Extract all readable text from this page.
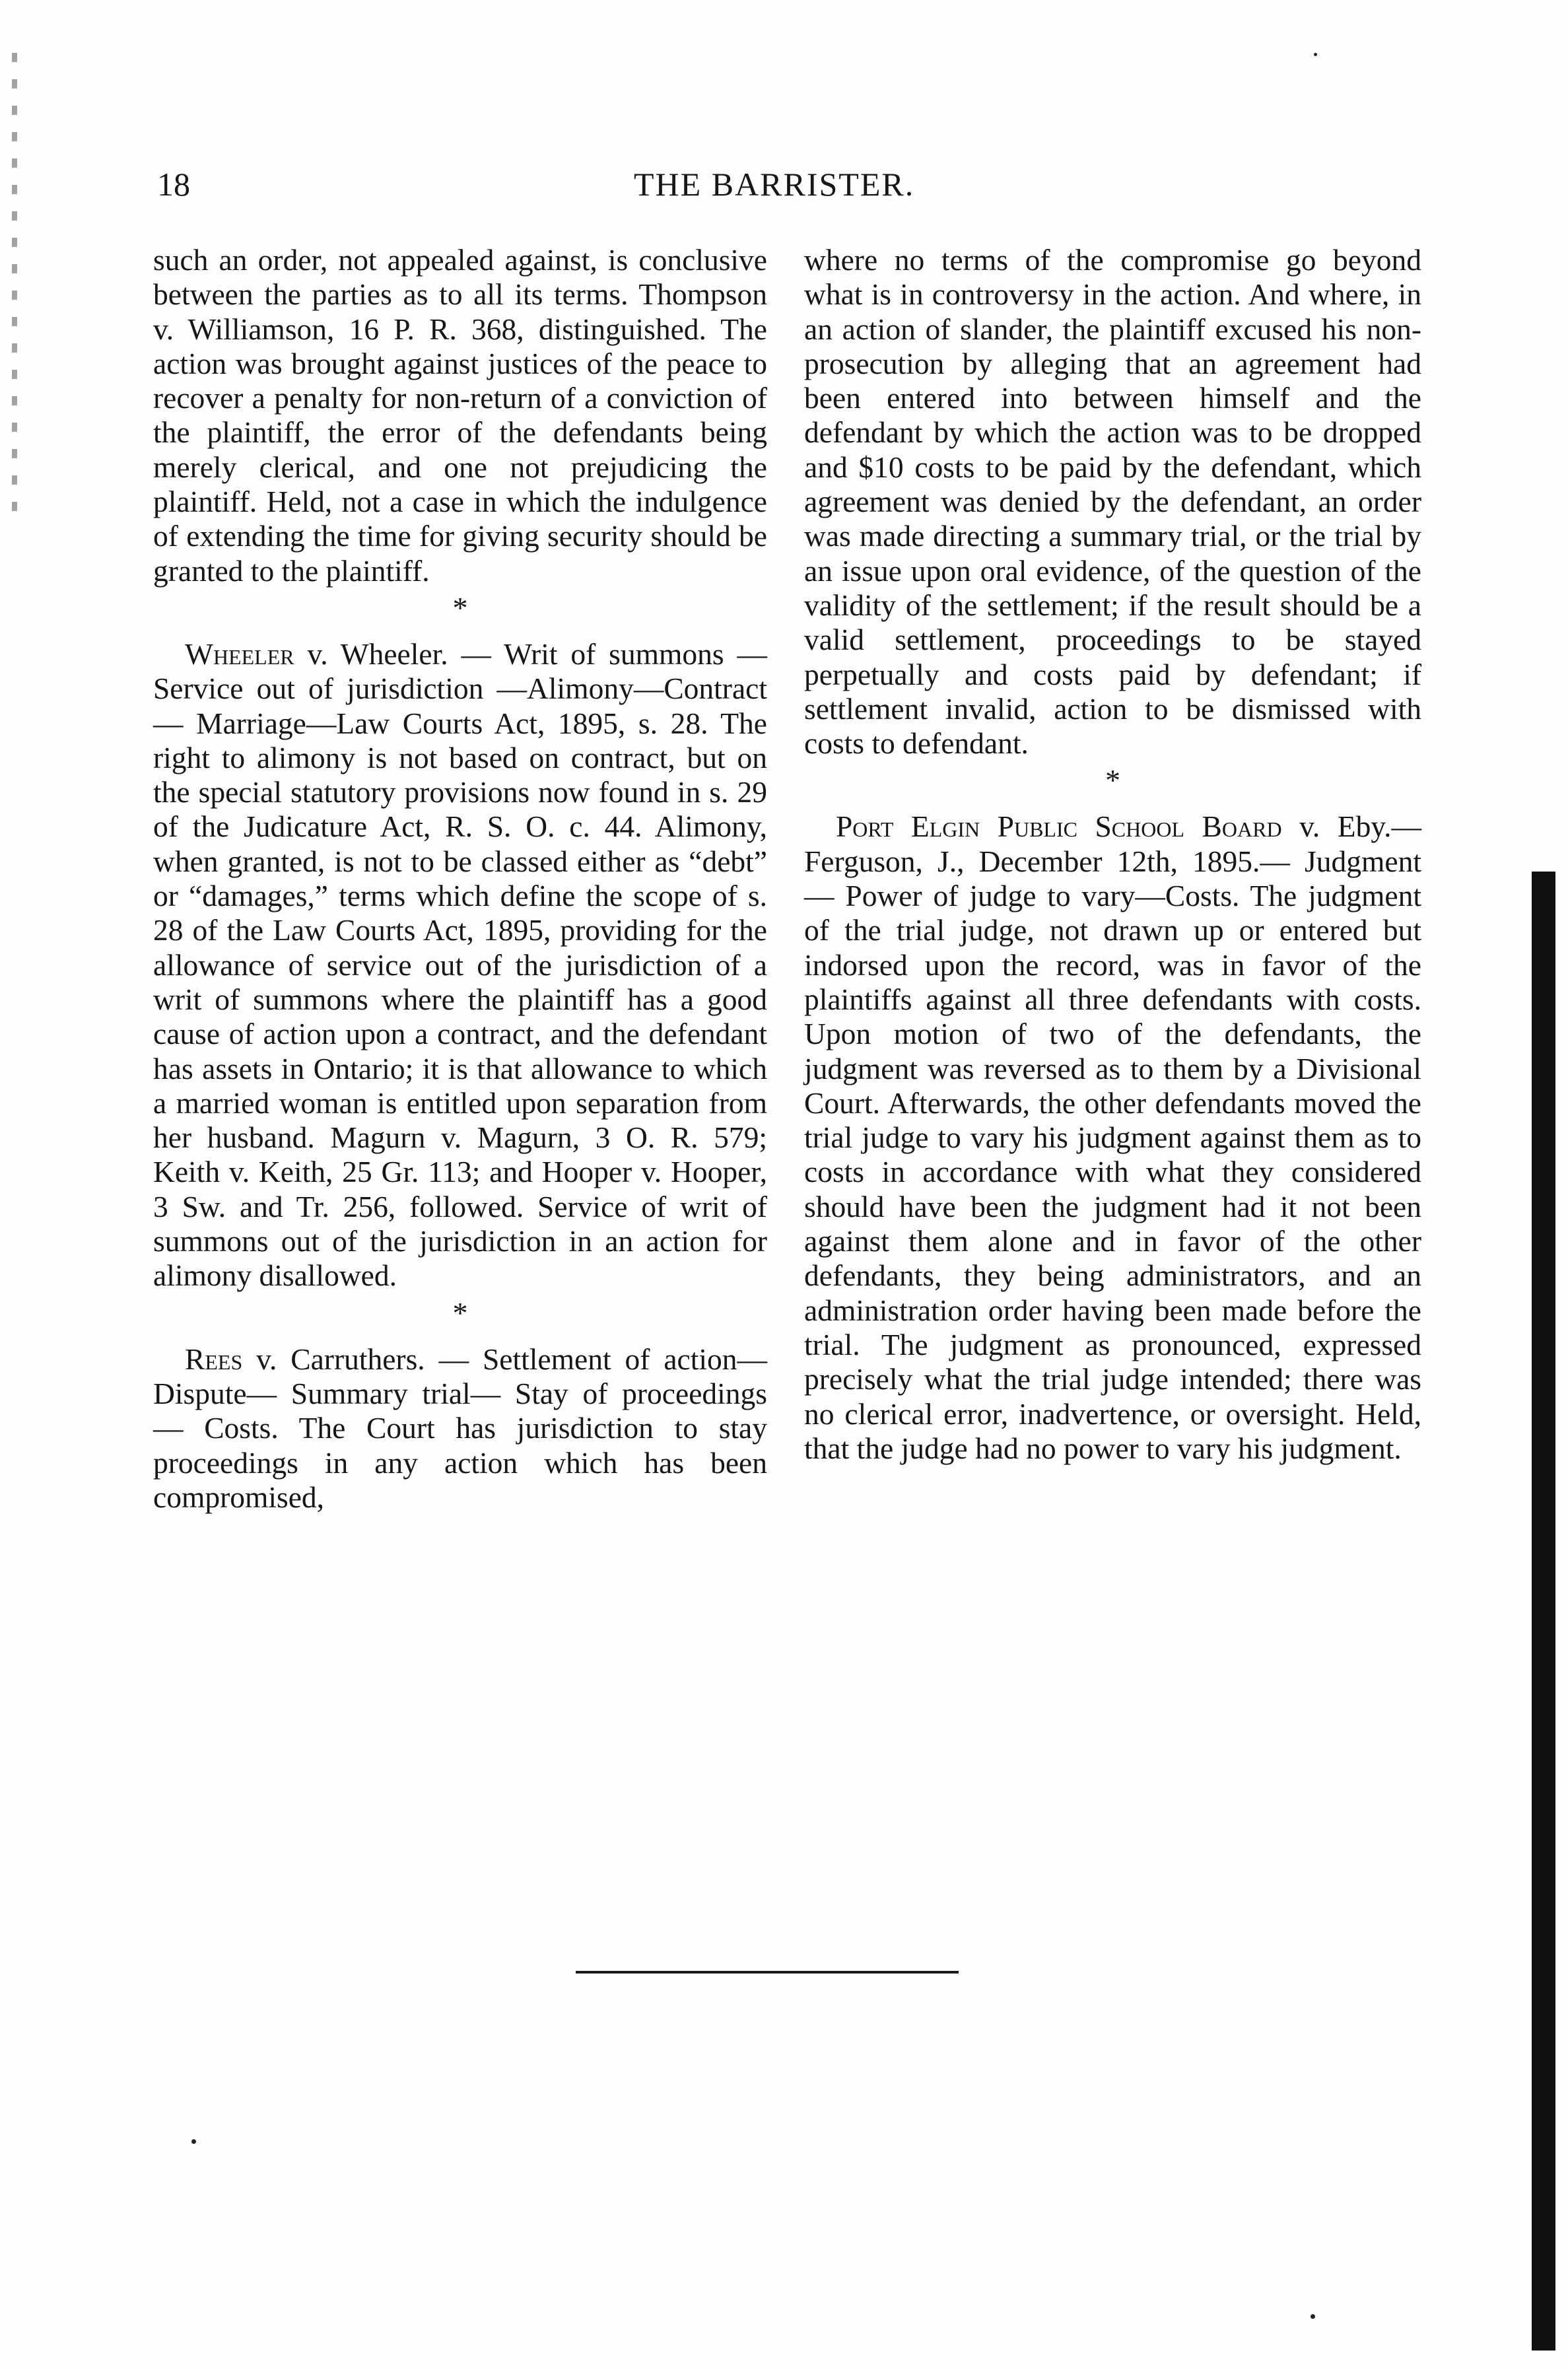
18	THE BARRISTER.

such an order, not appealed against, is conclusive between the parties as to all its terms. Thompson v. Williamson, 16 P. R. 368, distinguished. The action was brought against justices of the peace to recover a penalty for non-return of a conviction of the plaintiff, the error of the defendants being merely clerical, and one not prejudicing the plaintiff. Held, not a case in which the indulgence of extending the time for giving security should be granted to the plaintiff.

*

Wheeler v. Wheeler. — Writ of summons — Service out of jurisdiction —Alimony—Contract— Marriage—Law Courts Act, 1895, s. 28. The right to alimony is not based on contract, but on the special statutory provisions now found in s. 29 of the Judicature Act, R. S. O. c. 44. Alimony, when granted, is not to be classed either as “debt” or “damages,” terms which define the scope of s. 28 of the Law Courts Act, 1895, providing for the allowance of service out of the jurisdiction of a writ of summons where the plaintiff has a good cause of action upon a contract, and the defendant has assets in Ontario; it is that allowance to which a married woman is entitled upon separation from her husband. Magurn v. Magurn, 3 O. R. 579; Keith v. Keith, 25 Gr. 113; and Hooper v. Hooper, 3 Sw. and Tr. 256, followed. Service of writ of summons out of the jurisdiction in an action for alimony disallowed.

*

Rees v. Carruthers. — Settlement of action—Dispute— Summary trial— Stay of proceedings — Costs. The Court has jurisdiction to stay proceedings in any action which has been compromised,

where no terms of the compromise go beyond what is in controversy in the action. And where, in an action of slander, the plaintiff excused his non-prosecution by alleging that an agreement had been entered into between himself and the defendant by which the action was to be dropped and $10 costs to be paid by the defendant, which agreement was denied by the defendant, an order was made directing a summary trial, or the trial by an issue upon oral evidence, of the question of the validity of the settlement; if the result should be a valid settlement, proceedings to be stayed perpetually and costs paid by defendant; if settlement invalid, action to be dismissed with costs to defendant.

*

Port Elgin Public School Board v. Eby.—Ferguson, J., December 12th, 1895.— Judgment — Power of judge to vary—Costs. The judgment of the trial judge, not drawn up or entered but indorsed upon the record, was in favor of the plaintiffs against all three defendants with costs. Upon motion of two of the defendants, the judgment was reversed as to them by a Divisional Court. Afterwards, the other defendants moved the trial judge to vary his judgment against them as to costs in accordance with what they considered should have been the judgment had it not been against them alone and in favor of the other defendants, they being administrators, and an administration order having been made before the trial. The judgment as pronounced, expressed precisely what the trial judge intended; there was no clerical error, inadvertence, or oversight. Held, that the judge had no power to vary his judgment.
